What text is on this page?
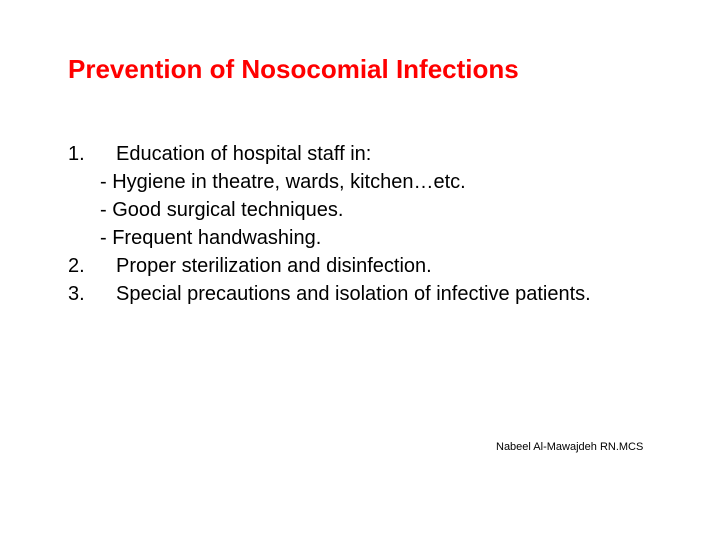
Prevention of Nosocomial Infections
1. Education of hospital staff in:
- Hygiene in theatre, wards, kitchen…etc.
- Good surgical techniques.
- Frequent handwashing.
2. Proper sterilization and disinfection.
3. Special precautions and isolation of infective patients.
Nabeel Al-Mawajdeh RN.MCS
